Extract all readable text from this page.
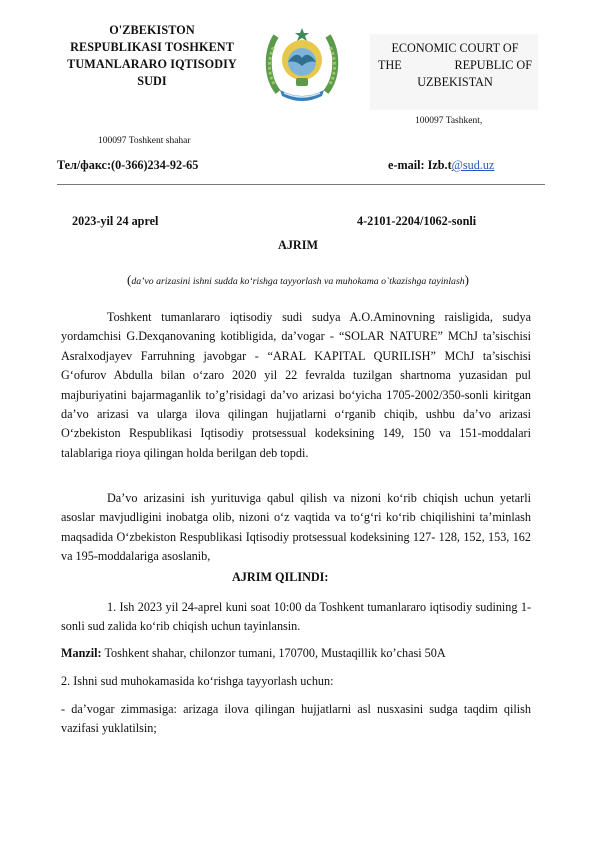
O'ZBEKISTON
RESPUBLIKASI TOSHKENT
TUMANLARARO IQTISODIY
SUDI
ECONOMIC COURT OF
THE	REPUBLIC OF
UZBEKISTAN
100097 Tashkent,
100097 Toshkent shahar
Тел/факс:(0-366)234-92-65	e-mail: Izb.t@sud.uz
2023-yil 24 aprel	4-2101-2204/1062-sonli
AJRIM
(da’vo arizasini ishni sudda ko‘rishga tayyorlash va muhokama o`tkazishga tayinlash)

Toshkent tumanlararo iqtisodiy sudi sudya A.O.Aminovning raisligida, sudya yordamchisi G.Dexqanovaning kotibligida, da’vogar - “SOLAR NATURE” MChJ ta’sischisi Asralxodjayev Farruhning javobgar - “ARAL KAPITAL QURILISH” MChJ ta’sischisi G‘ofurov Abdulla bilan o‘zaro 2020 yil 22 fevralda tuzilgan shartnoma yuzasidan pul majburiyatini bajarmaganlik to’g’risidagi da’vo arizasi bo‘yicha 1705-2002/350-sonli kiritgan da’vo arizasi va ularga ilova qilingan hujjatlarni o‘rganib chiqib, ushbu da’vo arizasi O‘zbekiston Respublikasi Iqtisodiy protsessual kodeksining 149, 150 va 151-moddalari talablariga rioya qilingan holda berilgan deb topdi.

Da’vo arizasini ish yurituviga qabul qilish va nizoni ko‘rib chiqish uchun yetarli asoslar mavjudligini inobatga olib, nizoni o‘z vaqtida va to‘g‘ri ko‘rib chiqilishini ta’minlash maqsadida O‘zbekiston Respublikasi Iqtisodiy protsessual kodeksining 127- 128, 152, 153, 162 va 195-moddalariga asoslanib,

AJRIM QILINDI:

1. Ish 2023 yil 24-aprel kuni soat 10:00 da Toshkent tumanlararo iqtisodiy sudining 1-sonli sud zalida ko‘rib chiqish uchun tayinlansin.

Manzil: Toshkent shahar, chilonzor tumani, 170700, Mustaqillik ko’chasi 50A

2. Ishni sud muhokamasida ko‘rishga tayyorlash uchun:

- da’vogar zimmasiga: arizaga ilova qilingan hujjatlarni asl nusxasini sudga taqdim qilish vazifasi yuklatilsin;
